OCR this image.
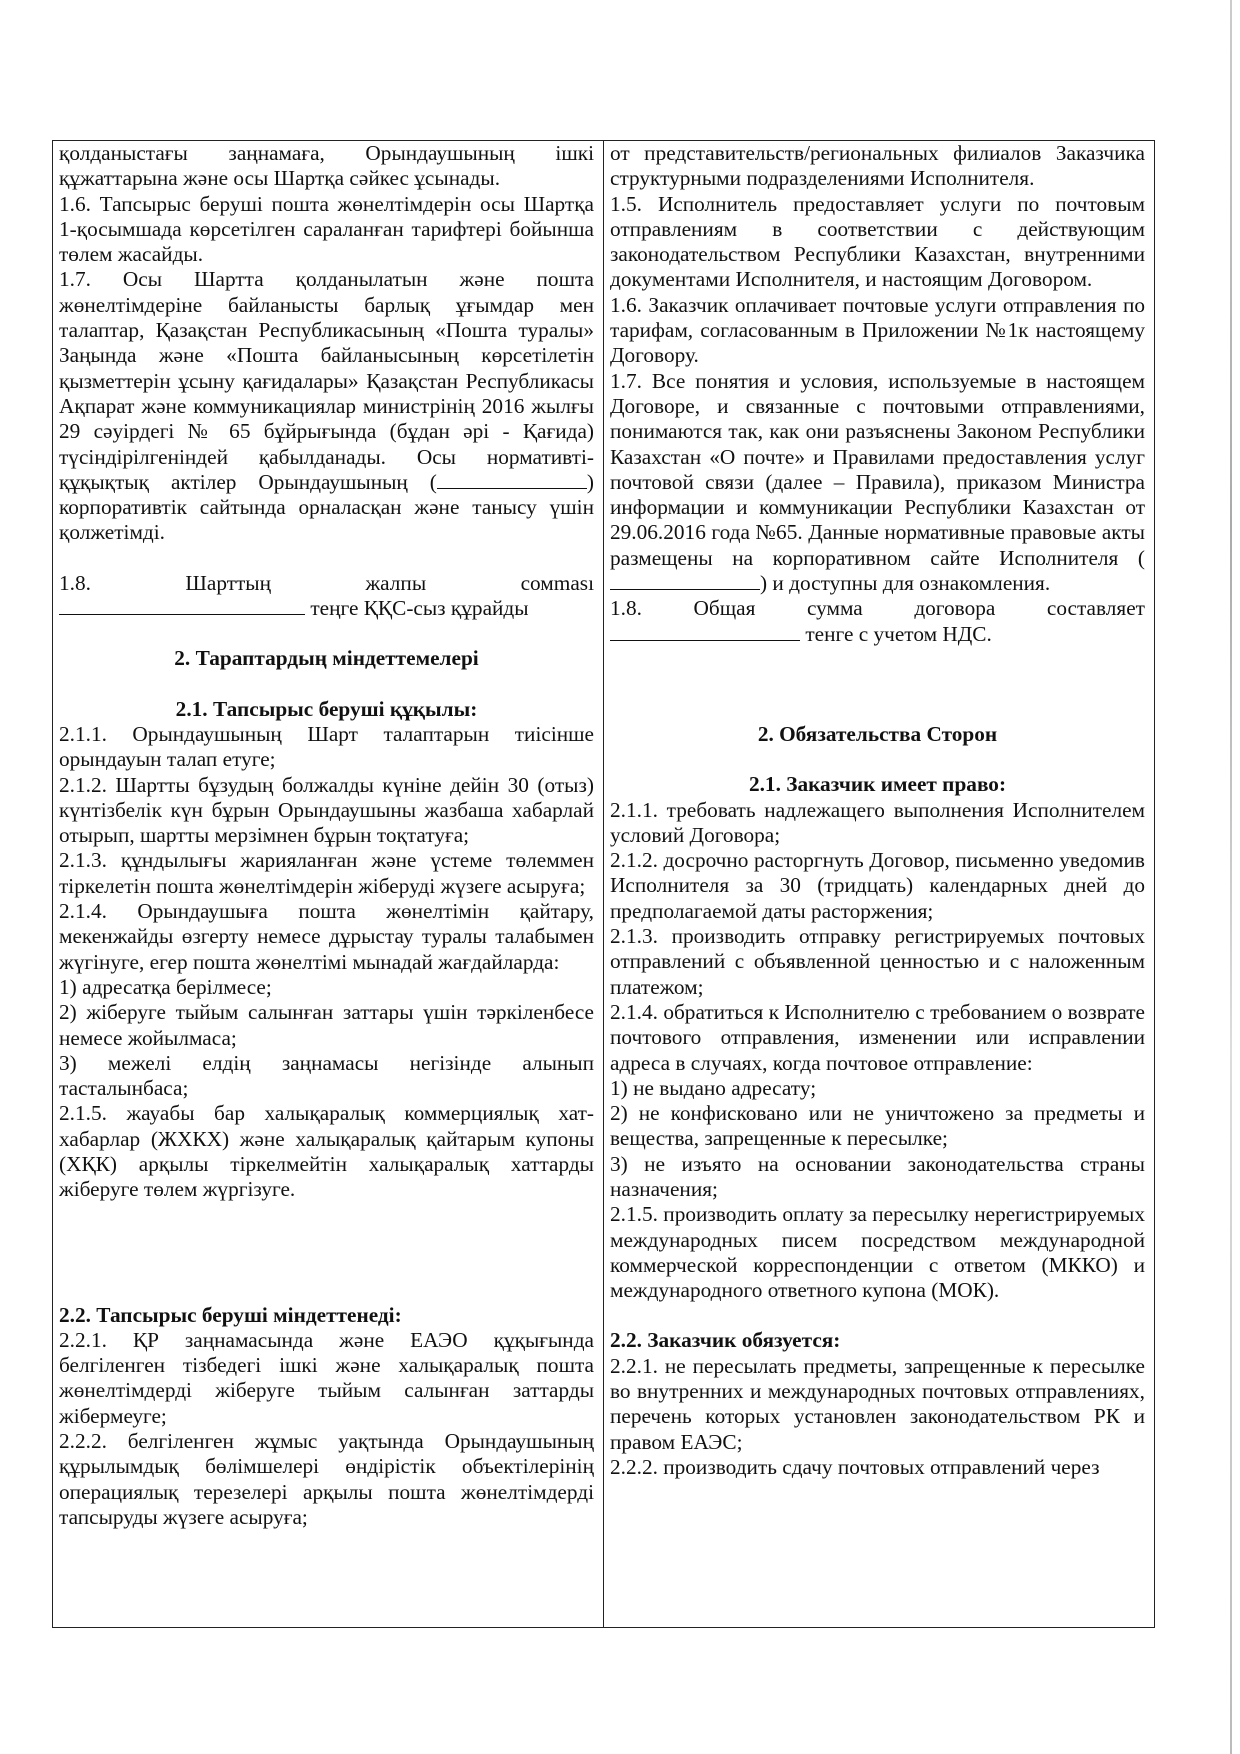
қолданыстағы заңнамаға, Орындаушының ішкі құжаттарына және осы Шартқа сәйкес ұсынады.

1.6. Тапсырыс беруші пошта жөнелтімдерін осы Шартқа 1-қосымшада көрсетілген сараланған тарифтері бойынша төлем жасайды.

1.7. Осы Шартта қолданылатын және пошта жөнелтімдеріне байланысты барлық ұғымдар мен талаптар, Қазақстан Республикасының «Пошта туралы» Заңында және «Пошта байланысының көрсетілетін қызметтерін ұсыну қағидалары» Қазақстан Республикасы Ақпарат және коммуникациялар министрінің 2016 жылғы 29 сәуірдегі № 65 бұйрығында (бұдан әрі - Қағида) түсіндірілгеніндей қабылданады. Осы нормативті-құқықтық актілер Орындаушының (	) корпоративтік сайтында орналасқан және танысу үшін қолжетімді.

1.8.	Шарттың	жалпы	сомması

теңге ҚҚС-сыз құрайды

2. Тараптардың міндеттемелері

2.1. Тапсырыс беруші құқылы:

2.1.1. Орындаушының Шарт талаптарын тиісінше орындауын талап етуге;

2.1.2. Шартты бұзудың болжалды күніне дейін 30 (отыз) күнтізбелік күн бұрын Орындаушыны жазбаша хабарлай отырып, шартты мерзімнен бұрын тоқтатуға;

2.1.3. құндылығы жарияланған және үстеме төлеммен тіркелетін пошта жөнелтімдерін жіберуді жүзеге асыруға;

2.1.4. Орындаушыға пошта жөнелтімін қайтару, мекенжайды өзгерту немесе дұрыстау туралы талабымен жүгінуге, егер пошта жөнелтімі мынадай жағдайларда:

1) адресатқа берілмесе;

2) жіберуге тыйым салынған заттары үшін тәркіленбесе немесе жойылмаса;

3) межелі елдің заңнамасы негізінде алынып тасталынбаса;

2.1.5. жауабы бар халықаралық коммерциялық хат-хабарлар (ЖХКХ) және халықаралық қайтарым купоны (ХҚК) арқылы тіркелмейтін халықаралық хаттарды жіберуге төлем жүргізуге.

2.2. Тапсырыс беруші міндеттенеді:

2.2.1. ҚР заңнамасында және ЕАЭО құқығында белгіленген тізбедегі ішкі және халықаралық пошта жөнелтімдерді жіберуге тыйым салынған заттарды жібермеуге;

2.2.2. белгіленген жұмыс уақтында Орындаушының құрылымдық бөлімшелері өндірістік объектілерінің операциялық терезелері арқылы пошта жөнелтімдерді тапсыруды жүзеге асыруға;

от представительств/региональных филиалов Заказчика структурными подразделениями Исполнителя.

1.5. Исполнитель предоставляет услуги по почтовым отправлениям в соответствии с действующим законодательством Республики Казахстан, внутренними документами Исполнителя, и настоящим Договором.

1.6. Заказчик оплачивает почтовые услуги отправления по тарифам, согласованным в Приложении №1к настоящему Договору.

1.7. Все понятия и условия, используемые в настоящем Договоре, и связанные с почтовыми отправлениями, понимаются так, как они разъяснены Законом Республики Казахстан «О почте» и Правилами предоставления услуг почтовой связи (далее – Правила), приказом Министра информации и коммуникации Республики Казахстан от 29.06.2016 года №65. Данные нормативные правовые акты размещены на корпоративном сайте Исполнителя () и доступны для ознакомления.

1.8. Общая сумма договора составляет

тенге с учетом НДС.

2. Обязательства Сторон

2.1. Заказчик имеет право:

2.1.1. требовать надлежащего выполнения Исполнителем условий Договора;

2.1.2. досрочно расторгнуть Договор, письменно уведомив Исполнителя за 30 (тридцать) календарных дней до предполагаемой даты расторжения;

2.1.3. производить отправку регистрируемых почтовых отправлений с объявленной ценностью и с наложенным платежом;

2.1.4. обратиться к Исполнителю с требованием о возврате почтового отправления, изменении или исправлении адреса в случаях, когда почтовое отправление:

1) не выдано адресату;

2) не конфисковано или не уничтожено за предметы и вещества, запрещенные к пересылке;

3) не изъято на основании законодательства страны назначения;

2.1.5. производить оплату за пересылку нерегистрируемых международных писем посредством международной коммерческой корреспонденции с ответом (МККО) и международного ответного купона (МОК).

2.2. Заказчик обязуется:

2.2.1. не пересылать предметы, запрещенные к пересылке во внутренних и международных почтовых отправлениях, перечень которых установлен законодательством РК и правом ЕАЭС;

2.2.2. производить сдачу почтовых отправлений через
